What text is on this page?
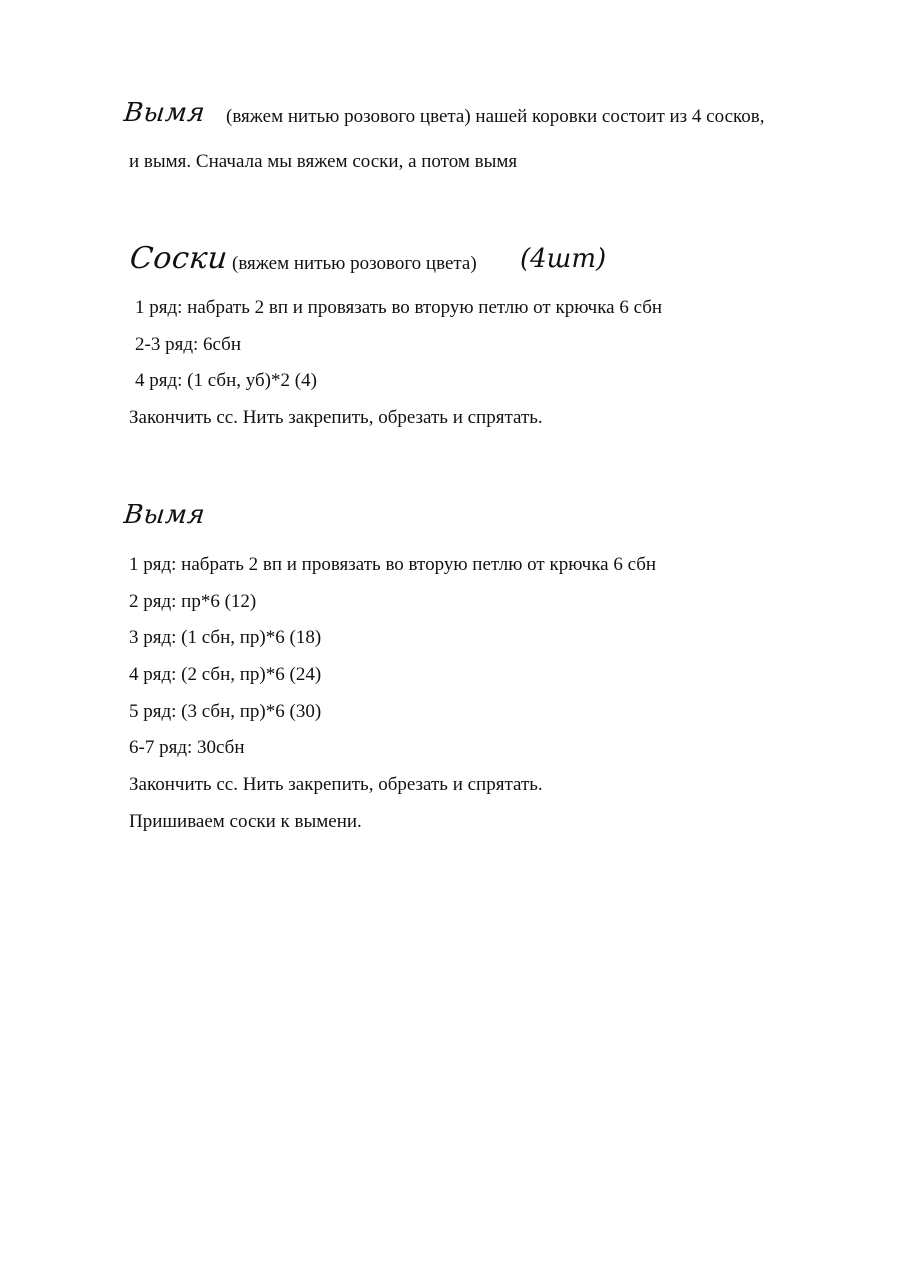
Вымя (вяжем нитью розового цвета) нашей коровки состоит из 4 сосков,
и вымя. Сначала мы вяжем соски, а потом вымя
Соски (вяжем нитью розового цвета) (4шт)
1 ряд: набрать 2 вп и провязать во вторую петлю от крючка 6 сбн
2-3 ряд: 6сбн
4 ряд: (1 сбн, уб)*2 (4)
Закончить сс. Нить закрепить, обрезать и спрятать.
Вымя
1 ряд: набрать 2 вп и провязать во вторую петлю от крючка 6 сбн
2 ряд: пр*6 (12)
3 ряд: (1 сбн, пр)*6 (18)
4 ряд: (2 сбн, пр)*6 (24)
5 ряд: (3 сбн, пр)*6 (30)
6-7 ряд: 30сбн
Закончить сс. Нить закрепить, обрезать и спрятать.
Пришиваем соски к вымени.
